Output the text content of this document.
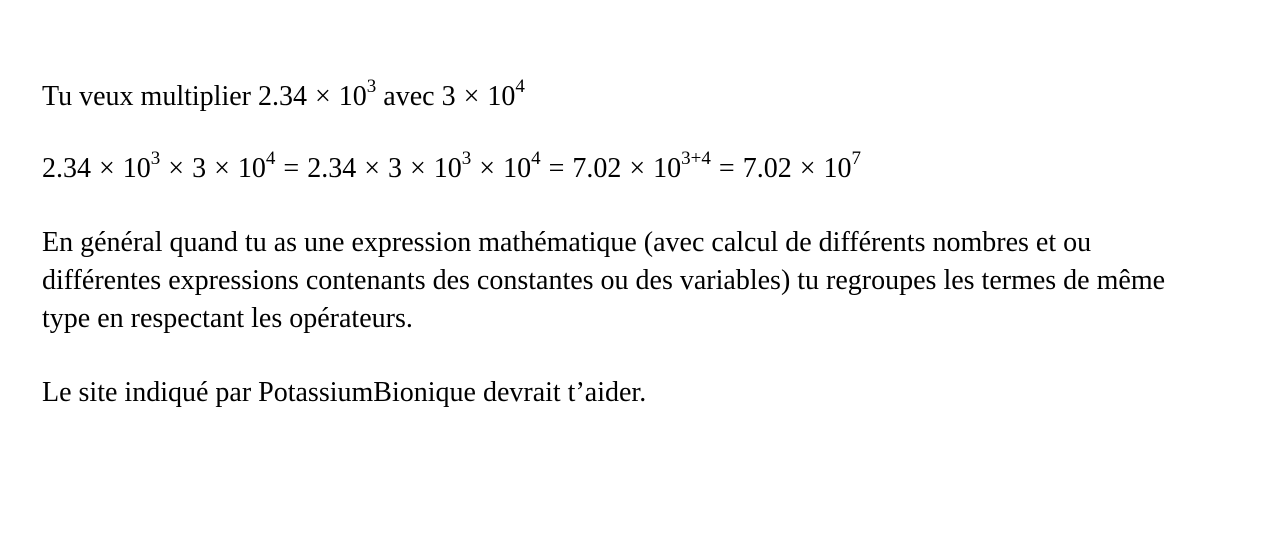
Tu veux multiplier $2.34 \times 10^3$ avec $3 \times 10^4$

$2.34 \times 10^3 \times 3 \times 10^4 = 2.34 \times 3 \times 10^3 \times 10^4 = 7.02 \times 10^{3+4} = 7.02 \times 10^7$

En général quand tu as une expression mathématique (avec calcul de différents nombres et ou différentes expressions contenants des constantes ou des variables) tu regroupes les termes de même type en respectant les opérateurs.

Le site indiqué par PotassiumBionique devrait t’aider.
